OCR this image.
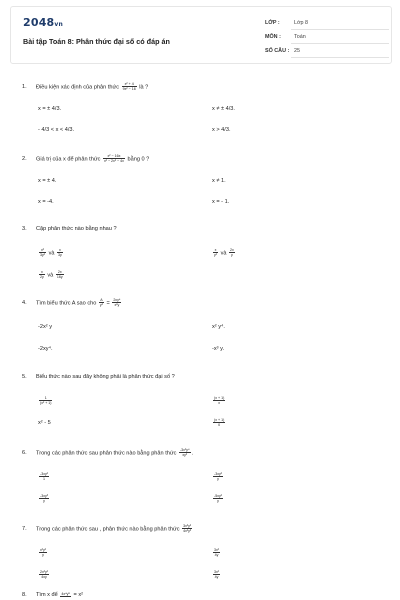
2048vn
Bài tập Toán 8: Phân thức đại số có đáp án
LỚP :	Lớp 8
MÔN : Toán
SỐ CÂU : 25
1. Điều kiện xác định của phân thức $\frac{\text{x² + 4}}{\text{9x² − 16}}$ là ?
x = ± 4/3.	x ≠ ± 4/3.
- 4/3 < x < 4/3.	x > 4/3.
2. Giá trị của x để phân thức $\frac{\text{x² − 16x}}{\text{x² − 2x² − 4x}}$ bằng 0 ?
x = ± 4.	x ≠ 1.
x = -4.	x = - 1.
3. Cặp phân thức nào bằng nhau ?
$\frac{\text{x²}}{\text{3y²}}$ và $\frac{x}{3y}$	$\frac{x}{\text{y²}}$ và $\frac{2x}{y}$
$\frac{x}{2y}$ và $\frac{2x}{16y}$
4. Tìm biểu thức A sao cho $\frac{A}{\text{y²}} = \frac{\text{2xy⁴}}{\text{x²y}}$
-2x² y	x² y⁴.
-2xy⁴.	-x³ y.
5. Biểu thức nào sau đây không phải là phân thức đại số ?
$\frac{1}{\text{(x² + 1)}}$	$\frac{(x + 1)}{x}$
x² - 5	$\frac{(x + 1)}{0}$
6. Trong các phân thức sau phân thức nào bằng phân thức $\frac{\text{-3x²y⁴}}{\text{xy²}}$ .
$\frac{\text{-3xy²}}{1}$	$\frac{\text{-3xy²}}{y}$
$\frac{\text{-3xy³}}{y}$	$\frac{\text{-5xy²}}{y}$
7. Trong các phân thức sau , phân thức nào bằng phân thức $\frac{\text{3x²y²}}{\text{4x²y³}}$
$\frac{\text{x²y²}}{y}$	$\frac{\text{3x²}}{4y}$
$\frac{\text{2x²y²}}{4xy}$	$\frac{\text{3x²}}{4y}$
8. Tìm x để 4x⁴y⁵ = x²
